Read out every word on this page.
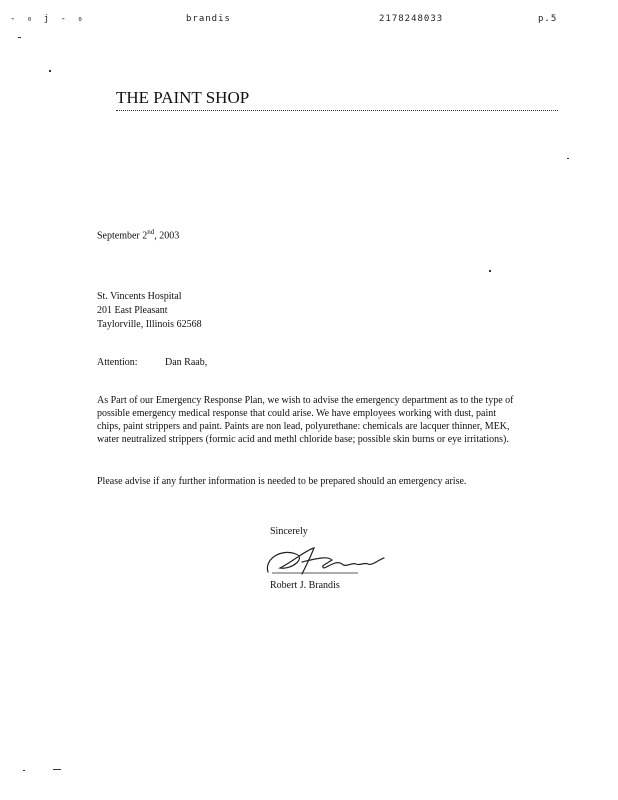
- ₀ j - ₀	brandis	2178248033	p.5
THE PAINT SHOP
September 2nd, 2003
St. Vincents Hospital
201 East Pleasant
Taylorville, Illinois 62568
Attention:	Dan Raab,
As Part of our Emergency Response Plan, we wish to advise the emergency department as to the type of possible emergency medical response that could arise. We have employees working with dust, paint chips, paint strippers and paint. Paints are non lead, polyurethane: chemicals are lacquer thinner, MEK, water neutralized strippers (formic acid and methl chloride base; possible skin burns or eye irritations).
Please advise if any further information is needed to be prepared should an emergency arise.
Sincerely
Robert J. Brandis
